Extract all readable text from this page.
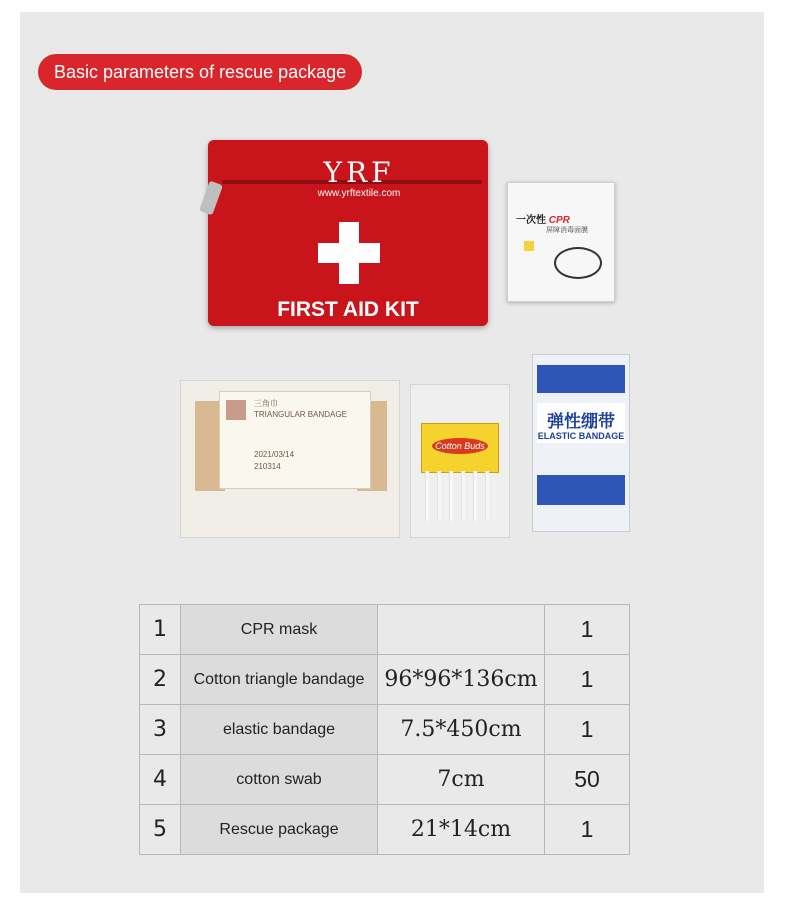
Basic parameters of rescue package
YRF
www.yrftextile.com
FIRST AID KIT
一次性 CPR
屏障消毒面膜
三角巾
TRIANGULAR BANDAGE
2021/03/14
210314
Cotton Buds
弹性绷带
ELASTIC BANDAGE
1	CPR mask		1
2	Cotton triangle bandage	96*96*136cm	1
3	elastic bandage	7.5*450cm	1
4	cotton swab	7cm	50
5	Rescue package	21*14cm	1
